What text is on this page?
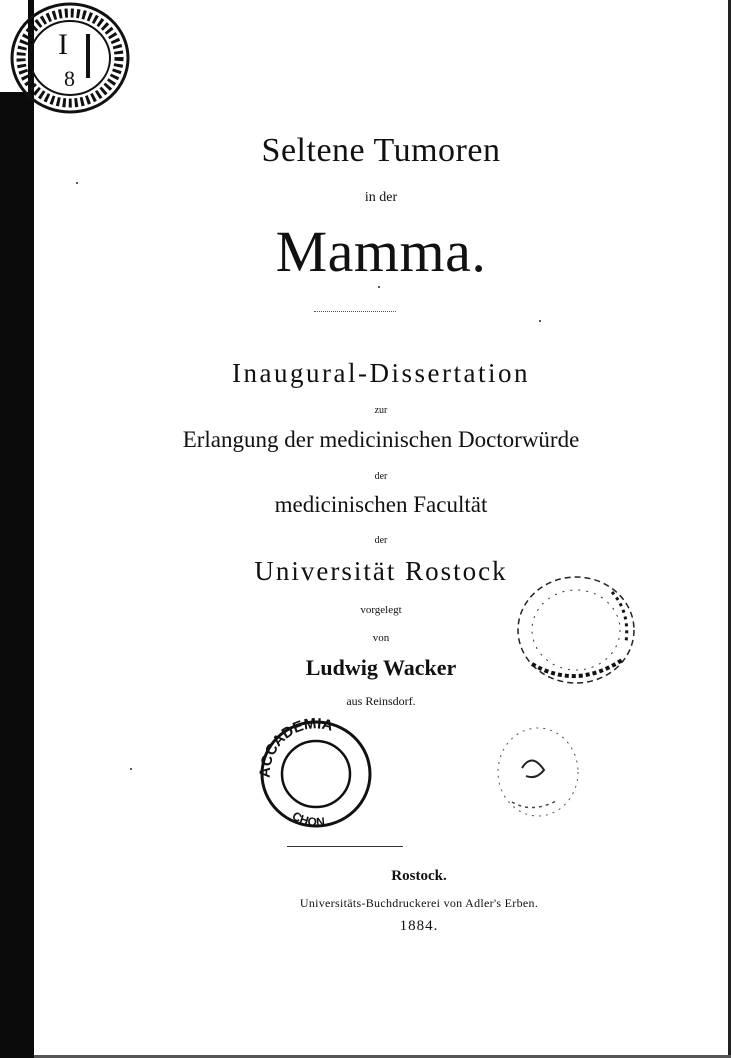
I
8
ACCADEMIA
CHON
Seltene Tumoren
in der
Mamma.
Inaugural-Dissertation
zur
Erlangung der medicinischen Doctorwürde
der
medicinischen Facultät
der
Universität Rostock
vorgelegt
von
Ludwig Wacker
aus Reinsdorf.
Rostock.
Universitäts-Buchdruckerei von Adler's Erben.
1884.
